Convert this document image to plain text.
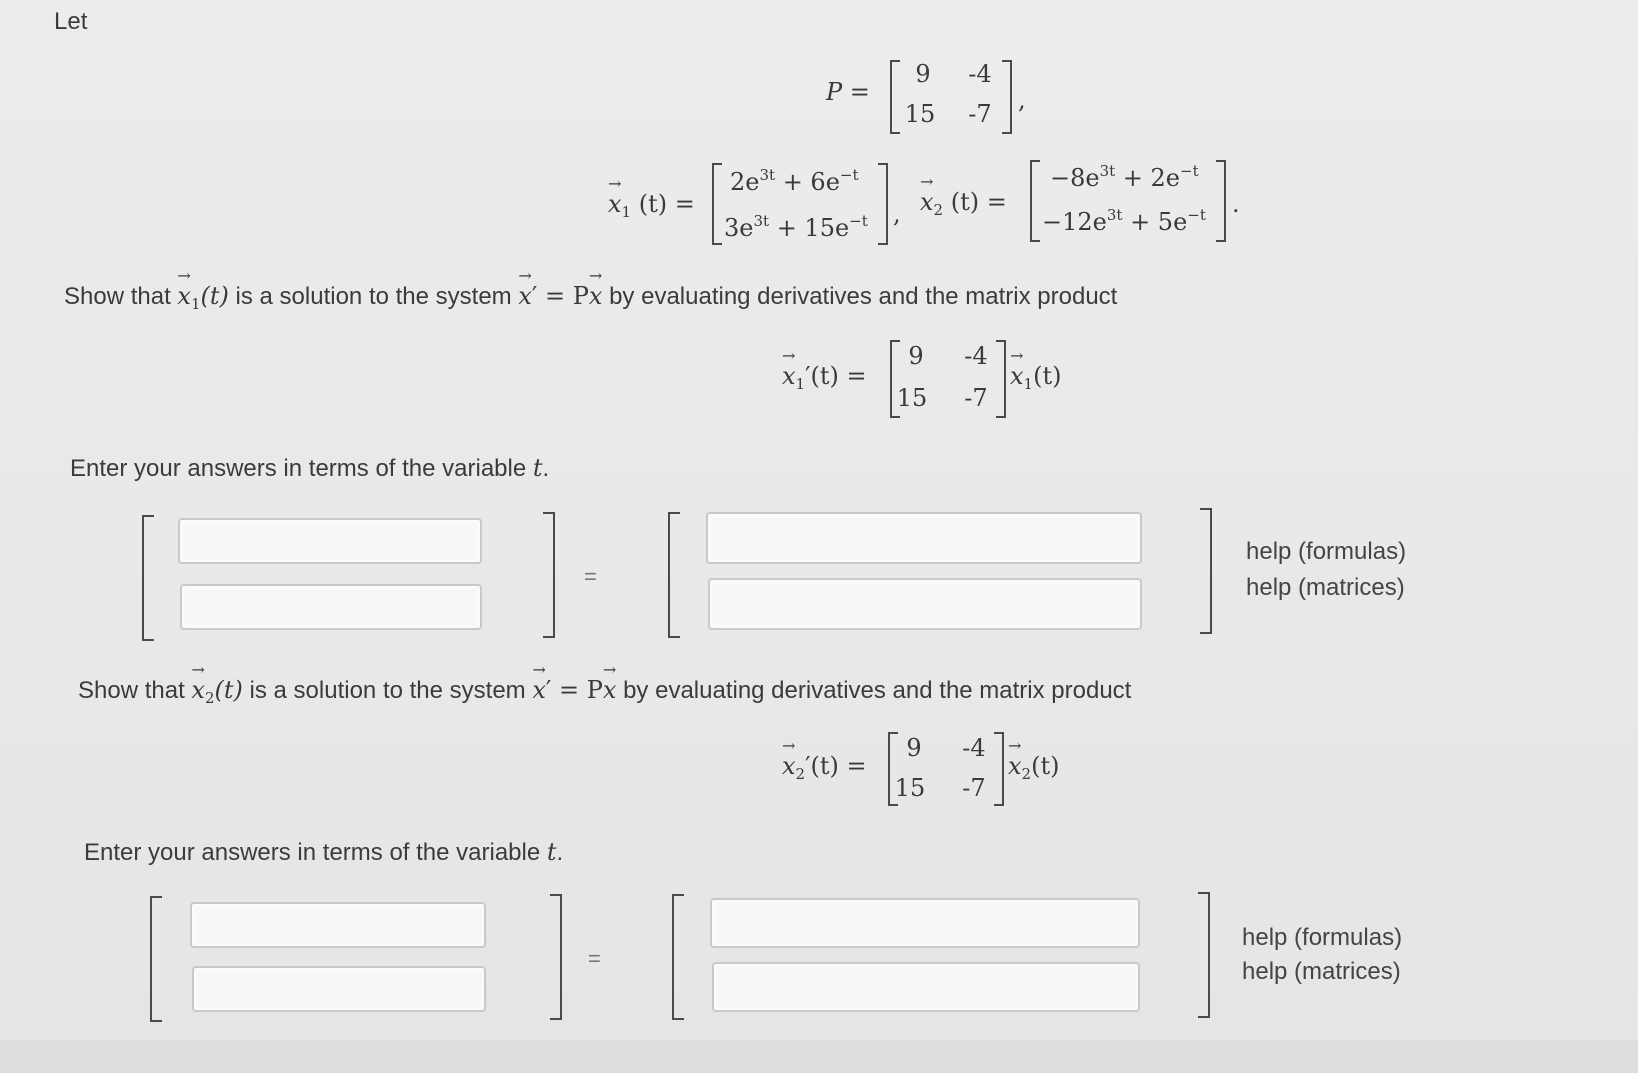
Let
P =
9	-4
15	-7	,
→ $x_1$ (t) =
$2e^{3t} + 6e^{-t}$
$3e^{3t} + 15e^{-t}$ ,
→ $x_2$ (t) =
$-8e^{3t} + 2e^{-t}$
$-12e^{3t} + 5e^{-t}$ .
Show that → $x_1(t)$ is a solution to the system → x′ = P→ x by evaluating derivatives and the matrix product
→ $x_1'(t)$ =
9	-4
15	-7
→ $x_1(t)$
Enter your answers in terms of the variable t.
=
help (formulas)
help (matrices)
Show that → $x_2(t)$ is a solution to the system → x′ = P→ x by evaluating derivatives and the matrix product
→ $x_2'(t)$ =
9	-4
15	-7
→ $x_2(t)$
Enter your answers in terms of the variable t.
=
help (formulas)
help (matrices)
